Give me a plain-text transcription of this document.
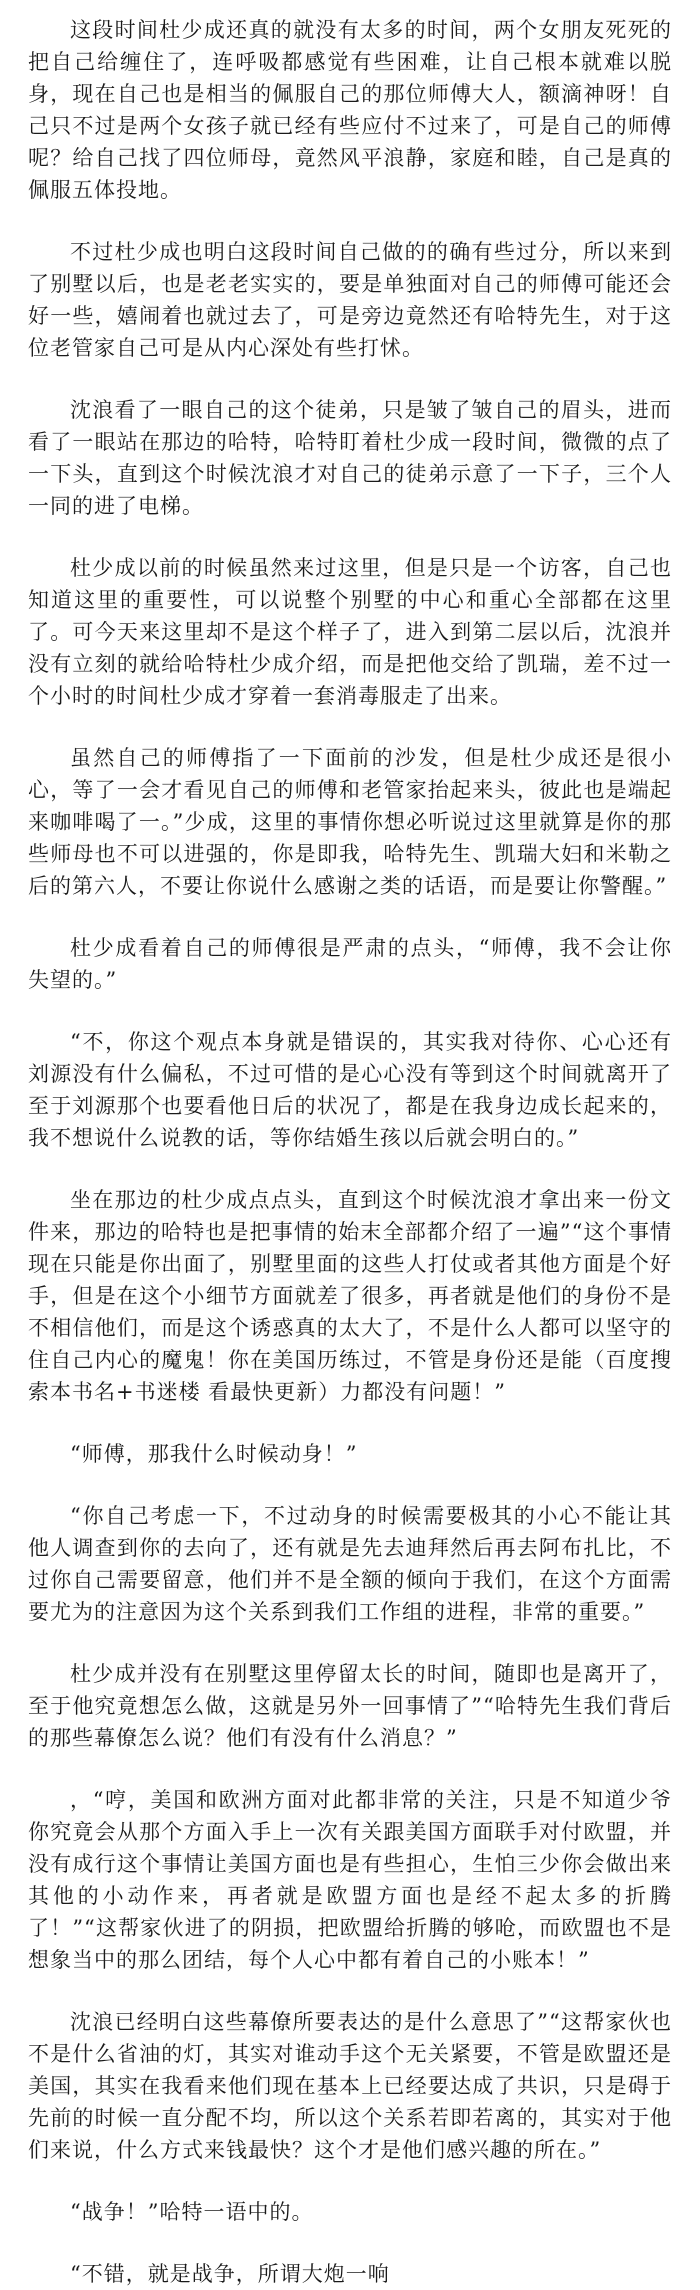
这段时间杜少成还真的就没有太多的时间，两个女朋友死死的把自己给缠住了，连呼吸都感觉有些困难，让自己根本就难以脱身，现在自己也是相当的佩服自己的那位师傅大人，额滴神呀！自己只不过是两个女孩子就已经有些应付不过来了，可是自己的师傅呢？给自己找了四位师母，竟然风平浪静，家庭和睦，自己是真的佩服五体投地。

不过杜少成也明白这段时间自己做的的确有些过分，所以来到了别墅以后，也是老老实实的，要是单独面对自己的师傅可能还会好一些，嬉闹着也就过去了，可是旁边竟然还有哈特先生，对于这位老管家自己可是从内心深处有些打怵。

沈浪看了一眼自己的这个徒弟，只是皱了皱自己的眉头，进而看了一眼站在那边的哈特，哈特盯着杜少成一段时间，微微的点了一下头，直到这个时候沈浪才对自己的徒弟示意了一下子，三个人一同的进了电梯。

杜少成以前的时候虽然来过这里，但是只是一个访客，自己也知道这里的重要性，可以说整个别墅的中心和重心全部都在这里了。可今天来这里却不是这个样子了，进入到第二层以后，沈浪并没有立刻的就给哈特杜少成介绍，而是把他交给了凯瑞，差不过一个小时的时间杜少成才穿着一套消毒服走了出来。

虽然自己的师傅指了一下面前的沙发，但是杜少成还是很小心，等了一会才看见自己的师傅和老管家抬起来头，彼此也是端起来咖啡喝了一。”少成，这里的事情你想必听说过这里就算是你的那些师母也不可以进强的，你是即我，哈特先生、凯瑞大妇和米勒之后的第六人，不要让你说什么感谢之类的话语，而是要让你警醒。”

杜少成看着自己的师傅很是严肃的点头，“师傅，我不会让你失望的。”

“不，你这个观点本身就是错误的，其实我对待你、心心还有刘源没有什么偏私，不过可惜的是心心没有等到这个时间就离开了至于刘源那个也要看他日后的状况了，都是在我身边成长起来的，我不想说什么说教的话，等你结婚生孩以后就会明白的。”

坐在那边的杜少成点点头，直到这个时候沈浪才拿出来一份文件来，那边的哈特也是把事情的始末全部都介绍了一遍”“这个事情现在只能是你出面了，别墅里面的这些人打仗或者其他方面是个好手，但是在这个小细节方面就差了很多，再者就是他们的身份不是不相信他们，而是这个诱惑真的太大了，不是什么人都可以坚守的住自己内心的魔鬼！你在美国历练过，不管是身份还是能（百度搜索本书名+书迷楼 看最快更新）力都没有问题！”

“师傅，那我什么时候动身！”

“你自己考虑一下，不过动身的时候需要极其的小心不能让其他人调查到你的去向了，还有就是先去迪拜然后再去阿布扎比，不过你自己需要留意，他们并不是全额的倾向于我们，在这个方面需要尤为的注意因为这个关系到我们工作组的进程，非常的重要。”

杜少成并没有在别墅这里停留太长的时间，随即也是离开了，至于他究竟想怎么做，这就是另外一回事情了”“哈特先生我们背后的那些幕僚怎么说？他们有没有什么消息？”

，“哼，美国和欧洲方面对此都非常的关注，只是不知道少爷你究竟会从那个方面入手上一次有关跟美国方面联手对付欧盟，并没有成行这个事情让美国方面也是有些担心，生怕三少你会做出来其他的小动作来，再者就是欧盟方面也是经不起太多的折腾了！”“这帮家伙进了的阴损，把欧盟给折腾的够呛，而欧盟也不是想象当中的那么团结，每个人心中都有着自己的小账本！”

沈浪已经明白这些幕僚所要表达的是什么意思了”“这帮家伙也不是什么省油的灯，其实对谁动手这个无关紧要，不管是欧盟还是美国，其实在我看来他们现在基本上已经要达成了共识，只是碍于先前的时候一直分配不均，所以这个关系若即若离的，其实对于他们来说，什么方式来钱最快？这个才是他们感兴趣的所在。”

“战争！”哈特一语中的。

“不错，就是战争，所谓大炮一响
